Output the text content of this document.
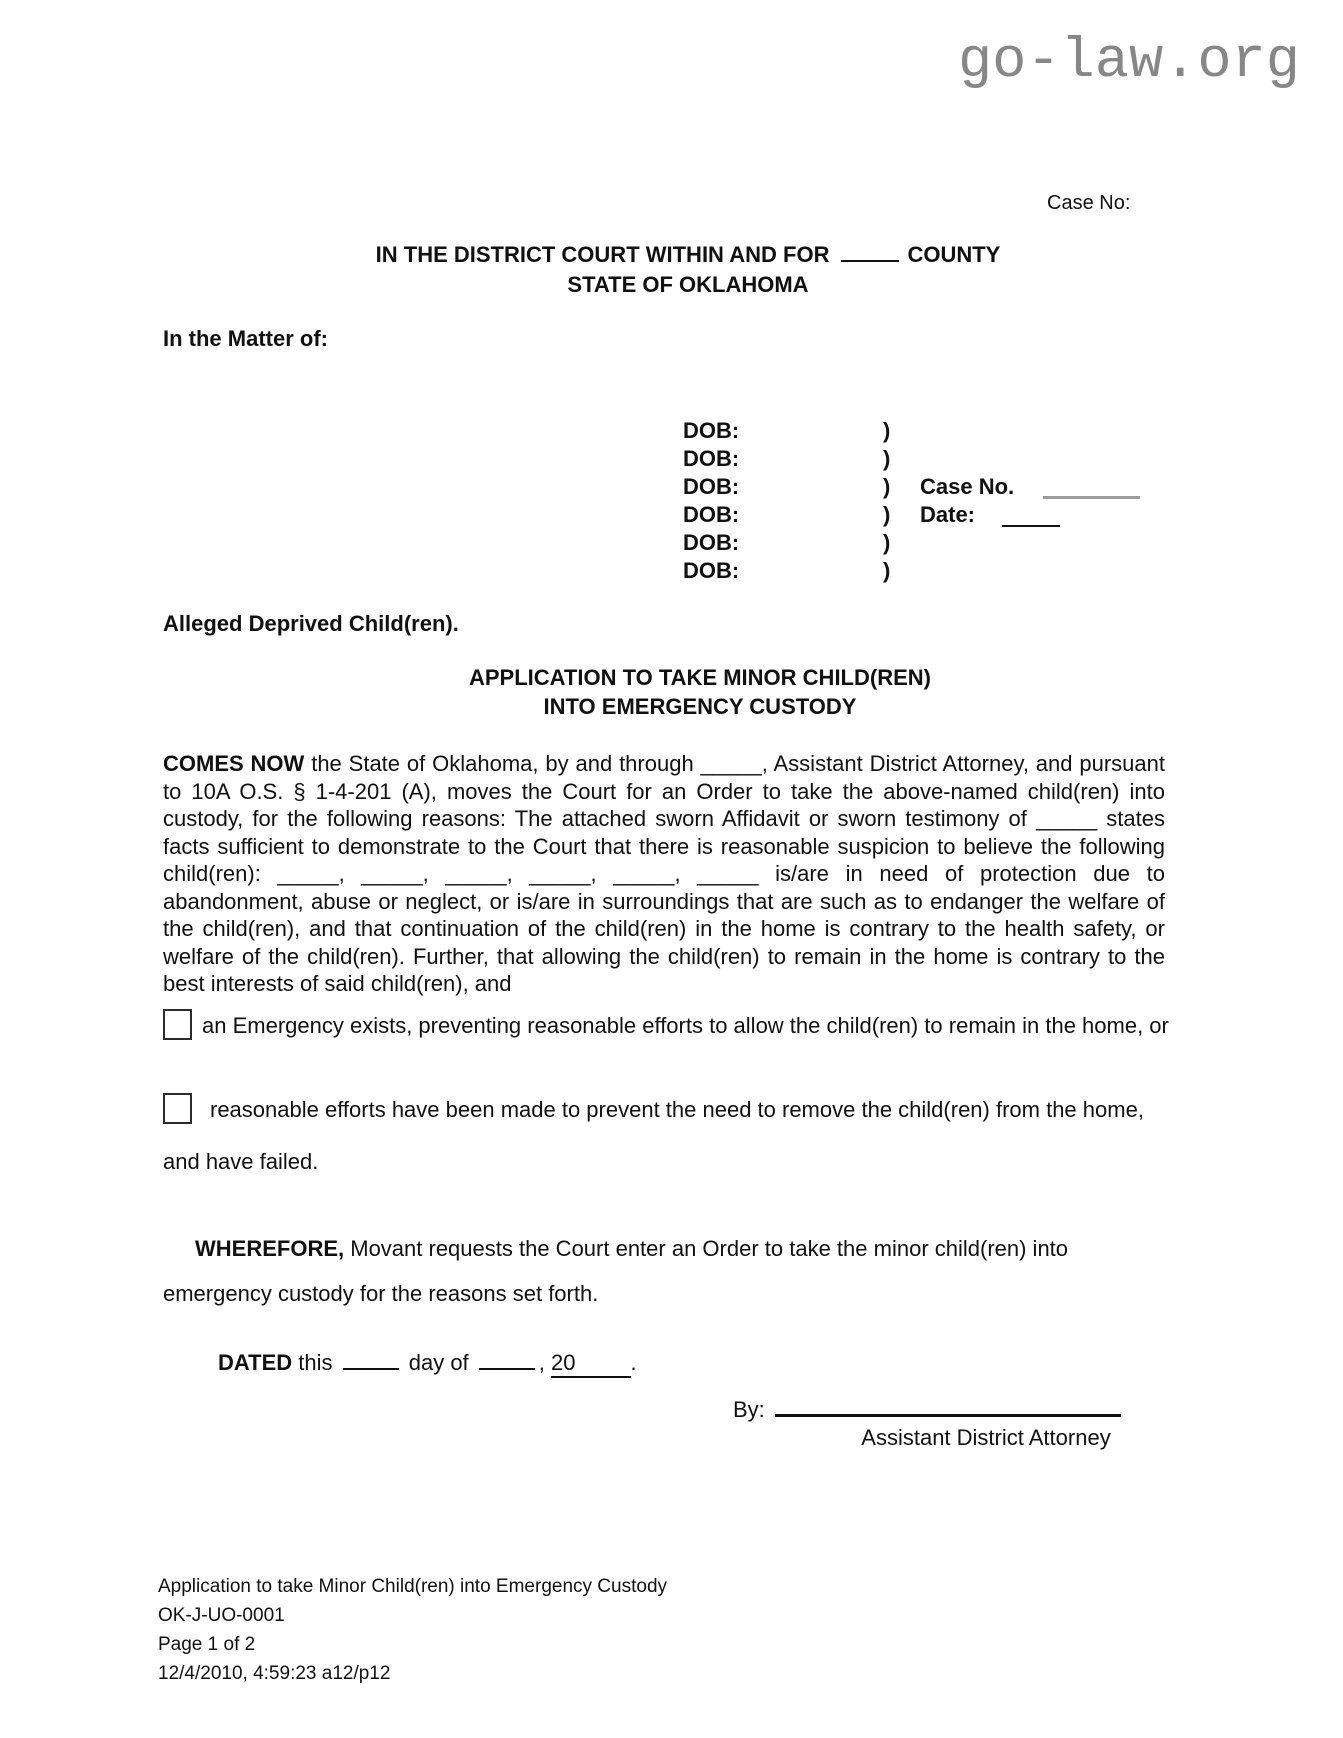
go-law.org
Case No:
IN THE DISTRICT COURT WITHIN AND FOR	COUNTY
STATE OF OKLAHOMA
In the Matter of:
DOB:	)
DOB:	)
DOB:	) Case No.
DOB:	) Date:
DOB:	)
DOB:	)
Alleged Deprived Child(ren).
APPLICATION TO TAKE MINOR CHILD(REN)
INTO EMERGENCY CUSTODY
COMES NOW the State of Oklahoma, by and through _____, Assistant District Attorney, and pursuant to 10A O.S. § 1-4-201 (A), moves the Court for an Order to take the above-named child(ren) into custody, for the following reasons: The attached sworn Affidavit or sworn testimony of _____ states facts sufficient to demonstrate to the Court that there is reasonable suspicion to believe the following child(ren): _____, _____, _____, _____, _____, _____ is/are in need of protection due to abandonment, abuse or neglect, or is/are in surroundings that are such as to endanger the welfare of the child(ren), and that continuation of the child(ren) in the home is contrary to the health safety, or welfare of the child(ren). Further, that allowing the child(ren) to remain in the home is contrary to the best interests of said child(ren), and
an Emergency exists, preventing reasonable efforts to allow the child(ren) to remain in the home, or
reasonable efforts have been made to prevent the need to remove the child(ren) from the home, and have failed.
WHEREFORE, Movant requests the Court enter an Order to take the minor child(ren) into emergency custody for the reasons set forth.
DATED this	day of	, 20	.
By:
Assistant District Attorney
Application to take Minor Child(ren) into Emergency Custody
OK-J-UO-0001
Page 1 of 2
12/4/2010, 4:59:23 a12/p12
